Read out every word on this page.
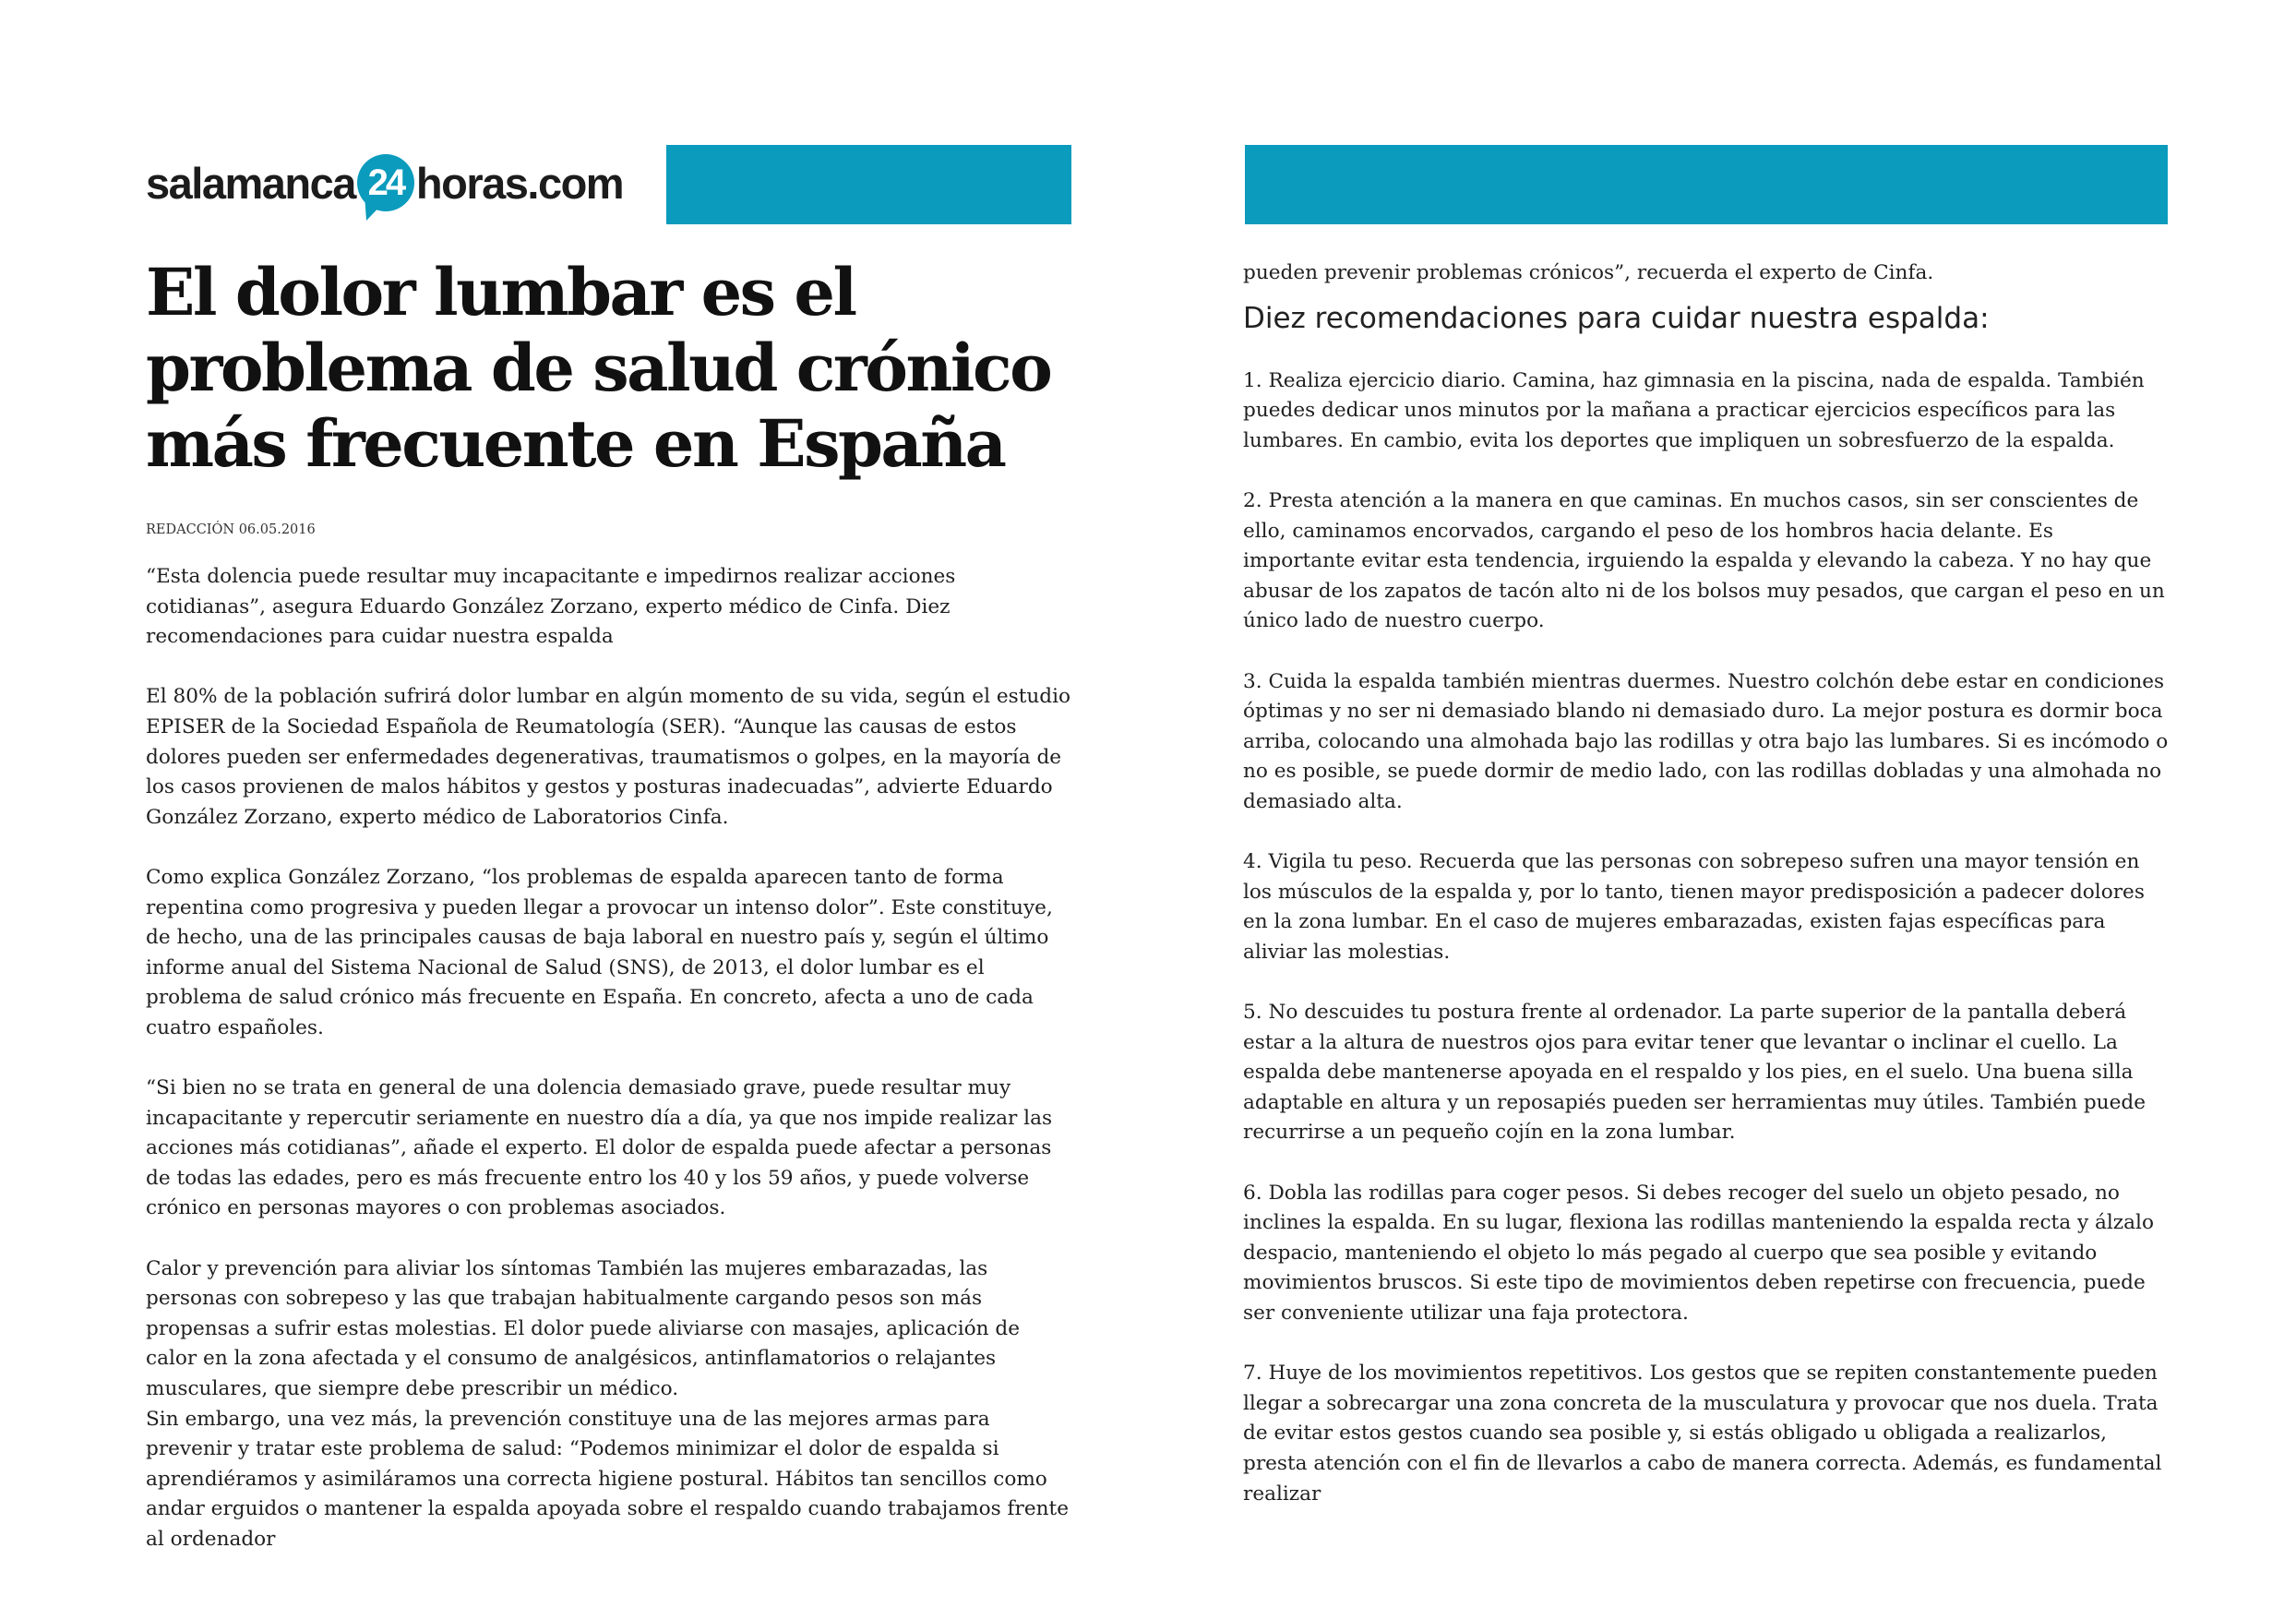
salamanca 24 horas.com
El dolor lumbar es el problema de salud crónico más frecuente en España

REDACCIÓN 06.05.2016

“Esta dolencia puede resultar muy incapacitante e impedirnos realizar acciones cotidianas”, asegura Eduardo González Zorzano, experto médico de Cinfa. Diez recomendaciones para cuidar nuestra espalda

El 80% de la población sufrirá dolor lumbar en algún momento de su vida, según el estudio EPISER de la Sociedad Española de Reumatología (SER). “Aunque las causas de estos dolores pueden ser enfermedades degenerativas, traumatismos o golpes, en la mayoría de los casos provienen de malos hábitos y gestos y posturas inadecuadas”, advierte Eduardo González Zorzano, experto médico de Laboratorios Cinfa.

Como explica González Zorzano, “los problemas de espalda aparecen tanto de forma repentina como progresiva y pueden llegar a provocar un intenso dolor”. Este constituye, de hecho, una de las principales causas de baja laboral en nuestro país y, según el último informe anual del Sistema Nacional de Salud (SNS), de 2013, el dolor lumbar es el problema de salud crónico más frecuente en España. En concreto, afecta a uno de cada cuatro españoles.

“Si bien no se trata en general de una dolencia demasiado grave, puede resultar muy incapacitante y repercutir seriamente en nuestro día a día, ya que nos impide realizar las acciones más cotidianas”, añade el experto. El dolor de espalda puede afectar a personas de todas las edades, pero es más frecuente entro los 40 y los 59 años, y puede volverse crónico en personas mayores o con problemas asociados.

Calor y prevención para aliviar los síntomas También las mujeres embarazadas, las personas con sobrepeso y las que trabajan habitualmente cargando pesos son más propensas a sufrir estas molestias. El dolor puede aliviarse con masajes, aplicación de calor en la zona afectada y el consumo de analgésicos, antinflamatorios o relajantes musculares, que siempre debe prescribir un médico.

Sin embargo, una vez más, la prevención constituye una de las mejores armas para prevenir y tratar este problema de salud: “Podemos minimizar el dolor de espalda si aprendiéramos y asimiláramos una correcta higiene postural. Hábitos tan sencillos como andar erguidos o mantener la espalda apoyada sobre el respaldo cuando trabajamos frente al ordenador

pueden prevenir problemas crónicos”, recuerda el experto de Cinfa.

Diez recomendaciones para cuidar nuestra espalda:

1. Realiza ejercicio diario. Camina, haz gimnasia en la piscina, nada de espalda. También puedes dedicar unos minutos por la mañana a practicar ejercicios específicos para las lumbares. En cambio, evita los deportes que impliquen un sobresfuerzo de la espalda.

2. Presta atención a la manera en que caminas. En muchos casos, sin ser conscientes de ello, caminamos encorvados, cargando el peso de los hombros hacia delante. Es importante evitar esta tendencia, irguiendo la espalda y elevando la cabeza. Y no hay que abusar de los zapatos de tacón alto ni de los bolsos muy pesados, que cargan el peso en un único lado de nuestro cuerpo.

3. Cuida la espalda también mientras duermes. Nuestro colchón debe estar en condiciones óptimas y no ser ni demasiado blando ni demasiado duro. La mejor postura es dormir boca arriba, colocando una almohada bajo las rodillas y otra bajo las lumbares. Si es incómodo o no es posible, se puede dormir de medio lado, con las rodillas dobladas y una almohada no demasiado alta.

4. Vigila tu peso. Recuerda que las personas con sobrepeso sufren una mayor tensión en los músculos de la espalda y, por lo tanto, tienen mayor predisposición a padecer dolores en la zona lumbar. En el caso de mujeres embarazadas, existen fajas específicas para aliviar las molestias.

5. No descuides tu postura frente al ordenador. La parte superior de la pantalla deberá estar a la altura de nuestros ojos para evitar tener que levantar o inclinar el cuello. La espalda debe mantenerse apoyada en el respaldo y los pies, en el suelo. Una buena silla adaptable en altura y un reposapiés pueden ser herramientas muy útiles. También puede recurrirse a un pequeño cojín en la zona lumbar.

6. Dobla las rodillas para coger pesos. Si debes recoger del suelo un objeto pesado, no inclines la espalda. En su lugar, flexiona las rodillas manteniendo la espalda recta y álzalo despacio, manteniendo el objeto lo más pegado al cuerpo que sea posible y evitando movimientos bruscos. Si este tipo de movimientos deben repetirse con frecuencia, puede ser conveniente utilizar una faja protectora.

7. Huye de los movimientos repetitivos. Los gestos que se repiten constantemente pueden llegar a sobrecargar una zona concreta de la musculatura y provocar que nos duela. Trata de evitar estos gestos cuando sea posible y, si estás obligado u obligada a realizarlos, presta atención con el fin de llevarlos a cabo de manera correcta. Además, es fundamental realizar
